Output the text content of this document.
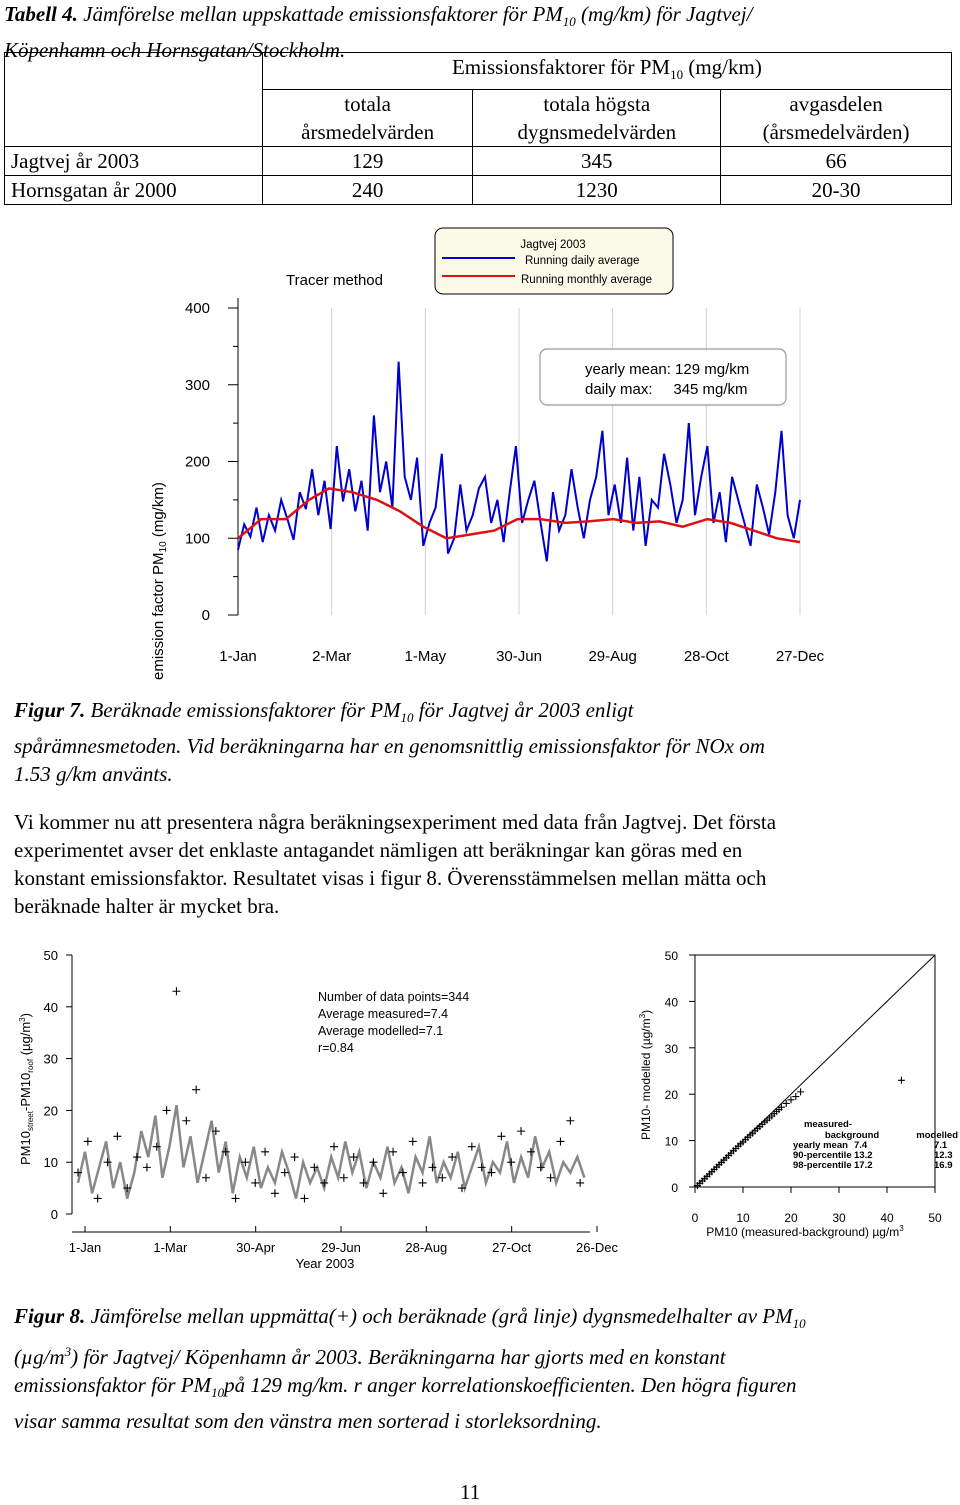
Tabell 4. Jämförelse mellan uppskattade emissionsfaktorer för $PM_{10}$ (mg/km) för Jagtvej/
Köpenhamn och Hornsgatan/Stockholm.
	Emissionsfaktorer för $PM_{10}$ (mg/km)		
	totala	totala högsta	avgasdelen
	årsmedelvärden	dygnsmedelvärden	(årsmedelvärden)
Jagtvej år 2003	129	345	66
Hornsgatan år 2000	240	1230	20-30
0
100
200
300
400
1-Jan	2-Mar	1-May	30-Jun	29-Aug	28-Oct	27-Dec
Tracer method
Jagtvej 2003
Running daily average
Running monthly average
yearly mean: 129 mg/km
daily max:     345 mg/km
emission factor $PM_{10}$ (mg/km)
Figur 7. Beräknade emissionsfaktorer för $PM_{10}$ för Jagtvej år 2003 enligt
spårämnesmetoden. Vid beräkningarna har en genomsnittlig emissionsfaktor för NOx om
1.53 g/km använts.
Vi kommer nu att presentera några beräkningsexperiment med data från Jagtvej. Det första
experimentet avser det enklaste antagandet nämligen att beräkningar kan göras med en
konstant emissionsfaktor. Resultatet visas i figur 8. Överensstämmelsen mellan mätta och
beräknade halter är mycket bra.
0
10
20
30
40
50
1-Jan	1-Mar	30-Apr	29-Jun	28-Aug	27-Oct	26-Dec
Number of data points=344
Average measured=7.4
Average modelled=7.1
r=0.84
Year 2003
$PM10_{street}-PM10_{roof}$ $(\mu g/m^3)$
0
10
20
30
40
50
0	10	20	30	40	50
measured-
background	modelled
yearly mean 7.4	7.1
90-percentile 13.2	12.3
98-percentile 17.2	16.9
PM10 (measured-background) $\mu g/m^3$
PM10- modelled $(\mu g/m^3)$
Figur 8. Jämförelse mellan uppmätta(+) och beräknade (grå linje) dygnsmedelhalter av $PM_{10}$
$(\mu g/m^3)$ för Jagtvej/ Köpenhamn år 2003. Beräkningarna har gjorts med en konstant
emissionsfaktor för $PM_{10}på$ 129 mg/km. r anger korrelationskoefficienten. Den högra figuren
visar samma resultat som den vänstra men sorterad i storleksordning.
11
